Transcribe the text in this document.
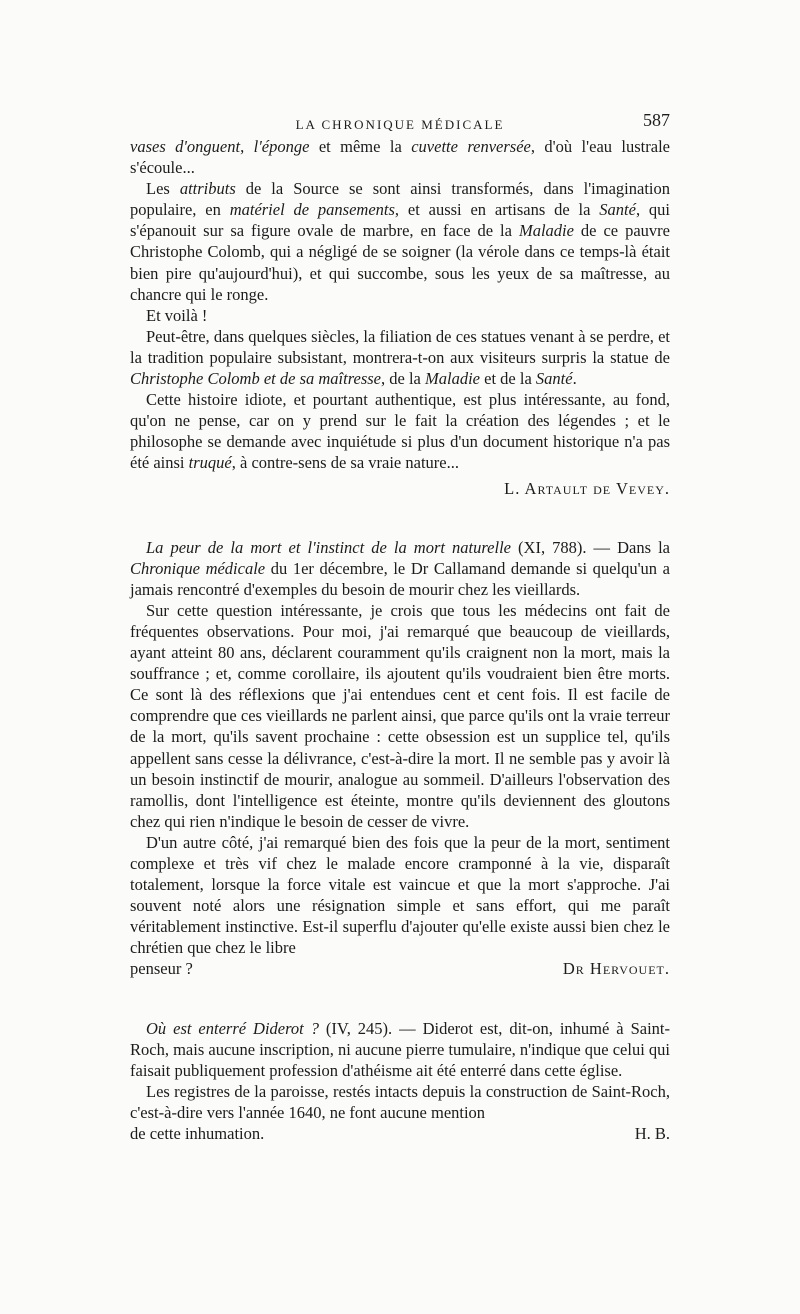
LA CHRONIQUE MÉDICALE	587

vases d'onguent, l'éponge et même la cuvette renversée, d'où l'eau lustrale s'écoule...

Les attributs de la Source se sont ainsi transformés, dans l'imagination populaire, en matériel de pansements, et aussi en artisans de la Santé, qui s'épanouit sur sa figure ovale de marbre, en face de la Maladie de ce pauvre Christophe Colomb, qui a négligé de se soigner (la vérole dans ce temps-là était bien pire qu'aujourd'hui), et qui succombe, sous les yeux de sa maîtresse, au chancre qui le ronge.

Et voilà !

Peut-être, dans quelques siècles, la filiation de ces statues venant à se perdre, et la tradition populaire subsistant, montrera-t-on aux visiteurs surpris la statue de Christophe Colomb et de sa maîtresse, de la Maladie et de la Santé.

Cette histoire idiote, et pourtant authentique, est plus intéressante, au fond, qu'on ne pense, car on y prend sur le fait la création des légendes ; et le philosophe se demande avec inquiétude si plus d'un document historique n'a pas été ainsi truqué, à contre-sens de sa vraie nature...

L. Artault de Vevey.

La peur de la mort et l'instinct de la mort naturelle (XI, 788). — Dans la Chronique médicale du 1er décembre, le Dr Callamand demande si quelqu'un a jamais rencontré d'exemples du besoin de mourir chez les vieillards.

Sur cette question intéressante, je crois que tous les médecins ont fait de fréquentes observations. Pour moi, j'ai remarqué que beaucoup de vieillards, ayant atteint 80 ans, déclarent couramment qu'ils craignent non la mort, mais la souffrance ; et, comme corollaire, ils ajoutent qu'ils voudraient bien être morts. Ce sont là des réflexions que j'ai entendues cent et cent fois. Il est facile de comprendre que ces vieillards ne parlent ainsi, que parce qu'ils ont la vraie terreur de la mort, qu'ils savent prochaine : cette obsession est un supplice tel, qu'ils appellent sans cesse la délivrance, c'est-à-dire la mort. Il ne semble pas y avoir là un besoin instinctif de mourir, analogue au sommeil. D'ailleurs l'observation des ramollis, dont l'intelligence est éteinte, montre qu'ils deviennent des gloutons chez qui rien n'indique le besoin de cesser de vivre.

D'un autre côté, j'ai remarqué bien des fois que la peur de la mort, sentiment complexe et très vif chez le malade encore cramponné à la vie, disparaît totalement, lorsque la force vitale est vaincue et que la mort s'approche. J'ai souvent noté alors une résignation simple et sans effort, qui me paraît véritablement instinctive. Est-il superflu d'ajouter qu'elle existe aussi bien chez le chrétien que chez le libre

penseur ?	Dr Hervouet.

Où est enterré Diderot ? (IV, 245). — Diderot est, dit-on, inhumé à Saint-Roch, mais aucune inscription, ni aucune pierre tumulaire, n'indique que celui qui faisait publiquement profession d'athéisme ait été enterré dans cette église.

Les registres de la paroisse, restés intacts depuis la construction de Saint-Roch, c'est-à-dire vers l'année 1640, ne font aucune mention

de cette inhumation.	H. B.
